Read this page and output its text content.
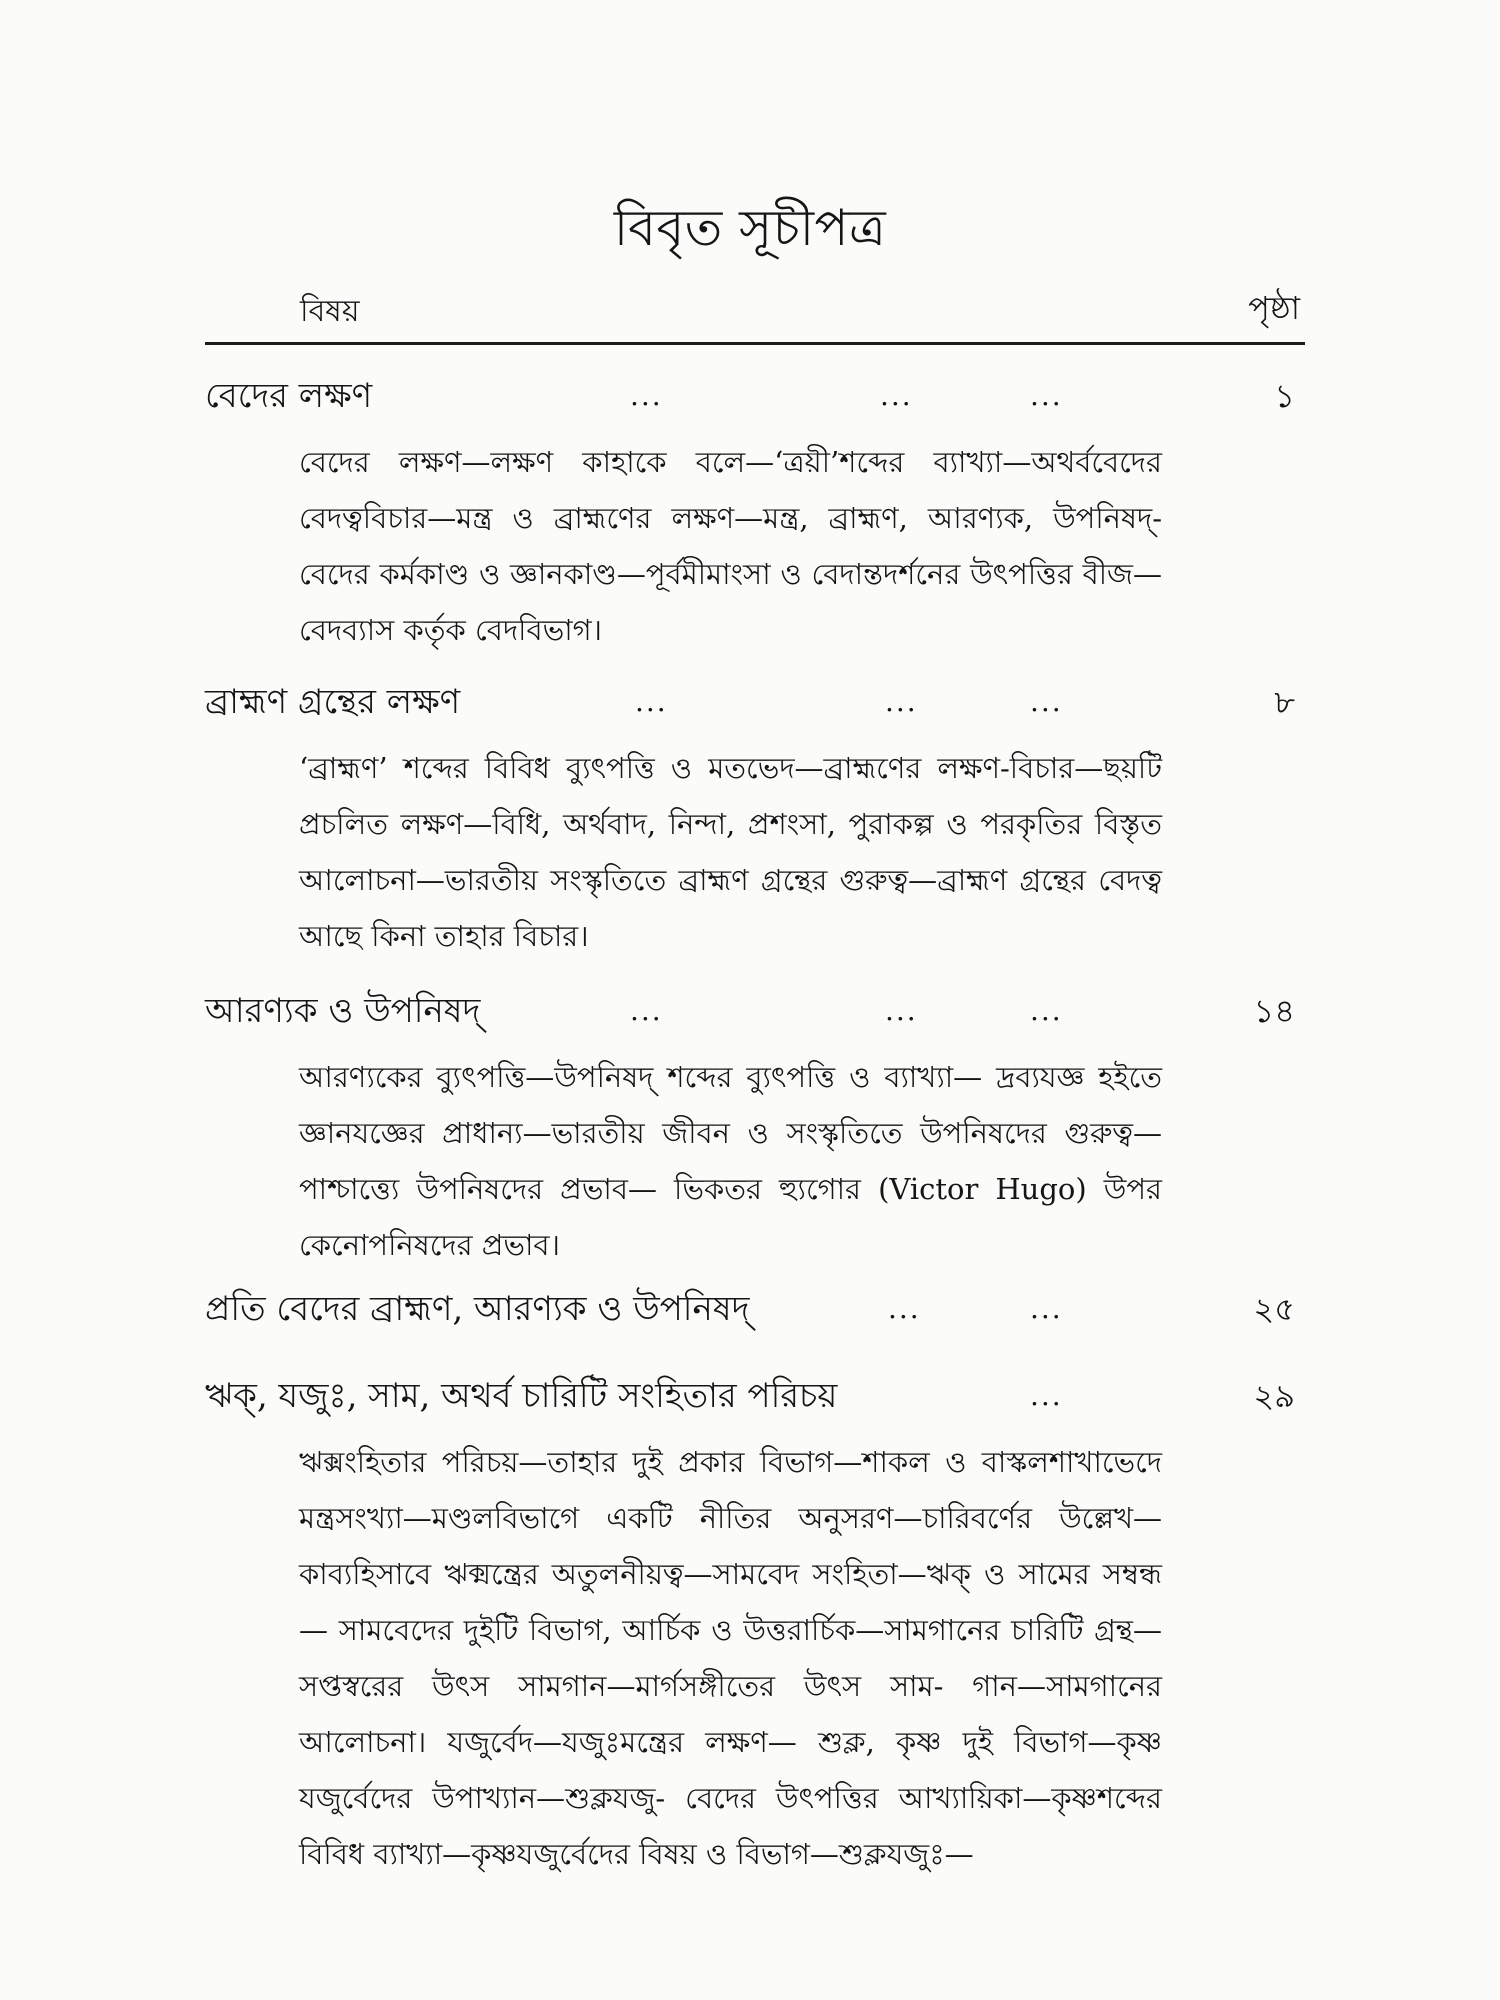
বিবৃত সূচীপত্র
বিষয়	পৃষ্ঠা
বেদের লক্ষণ	...	...	...	১
বেদের লক্ষণ—লক্ষণ কাহাকে বলে—‘ত্রয়ী’শব্দের ব্যাখ্যা—অথর্ববেদের বেদত্ববিচার—মন্ত্র ও ব্রাহ্মণের লক্ষণ—মন্ত্র, ব্রাহ্মণ, আরণ্যক, উপনিষদ্-বেদের কর্মকাণ্ড ও জ্ঞানকাণ্ড—পূর্বমীমাংসা ও বেদান্তদর্শনের উৎপত্তির বীজ—বেদব্যাস কর্তৃক বেদবিভাগ।
ব্রাহ্মণ গ্রন্থের লক্ষণ	...	...	...	৮
‘ব্রাহ্মণ’ শব্দের বিবিধ ব্যুৎপত্তি ও মতভেদ—ব্রাহ্মণের লক্ষণ-বিচার—ছয়টি প্রচলিত লক্ষণ—বিধি, অর্থবাদ, নিন্দা, প্রশংসা, পুরাকল্প ও পরকৃতির বিস্তৃত আলোচনা—ভারতীয় সংস্কৃতিতে ব্রাহ্মণ গ্রন্থের গুরুত্ব—ব্রাহ্মণ গ্রন্থের বেদত্ব আছে কিনা তাহার বিচার।
আরণ্যক ও উপনিষদ্	...	...	...	১৪
আরণ্যকের ব্যুৎপত্তি—উপনিষদ্ শব্দের ব্যুৎপত্তি ও ব্যাখ্যা— দ্রব্যযজ্ঞ হইতে জ্ঞানযজ্ঞের প্রাধান্য—ভারতীয় জীবন ও সংস্কৃতিতে উপনিষদের গুরুত্ব—পাশ্চাত্ত্যে উপনিষদের প্রভাব— ভিকতর হ্যুগোর (Victor Hugo) উপর কেনোপনিষদের প্রভাব।
প্রতি বেদের ব্রাহ্মণ, আরণ্যক ও উপনিষদ্	...	...	২৫
ঋক্, যজুঃ, সাম, অথর্ব চারিটি সংহিতার পরিচয়	...	২৯
ঋক্সংহিতার পরিচয়—তাহার দুই প্রকার বিভাগ—শাকল ও বাস্কলশাখাভেদে মন্ত্রসংখ্যা—মণ্ডলবিভাগে একটি নীতির অনুসরণ—চারিবর্ণের উল্লেখ—কাব্যহিসাবে ঋক্মন্ত্রের অতুলনীয়ত্ব—সামবেদ সংহিতা—ঋক্ ও সামের সম্বন্ধ— সামবেদের দুইটি বিভাগ, আর্চিক ও উত্তরার্চিক—সামগানের চারিটি গ্রন্থ—সপ্তস্বরের উৎস সামগান—মার্গসঙ্গীতের উৎস সাম- গান—সামগানের আলোচনা। যজুর্বেদ—যজুঃমন্ত্রের লক্ষণ— শুক্ল, কৃষ্ণ দুই বিভাগ—কৃষ্ণ যজুর্বেদের উপাখ্যান—শুক্লযজু- বেদের উৎপত্তির আখ্যায়িকা—কৃষ্ণশব্দের বিবিধ ব্যাখ্যা—কৃষ্ণযজুর্বেদের বিষয় ও বিভাগ—শুক্লযজুঃ—
